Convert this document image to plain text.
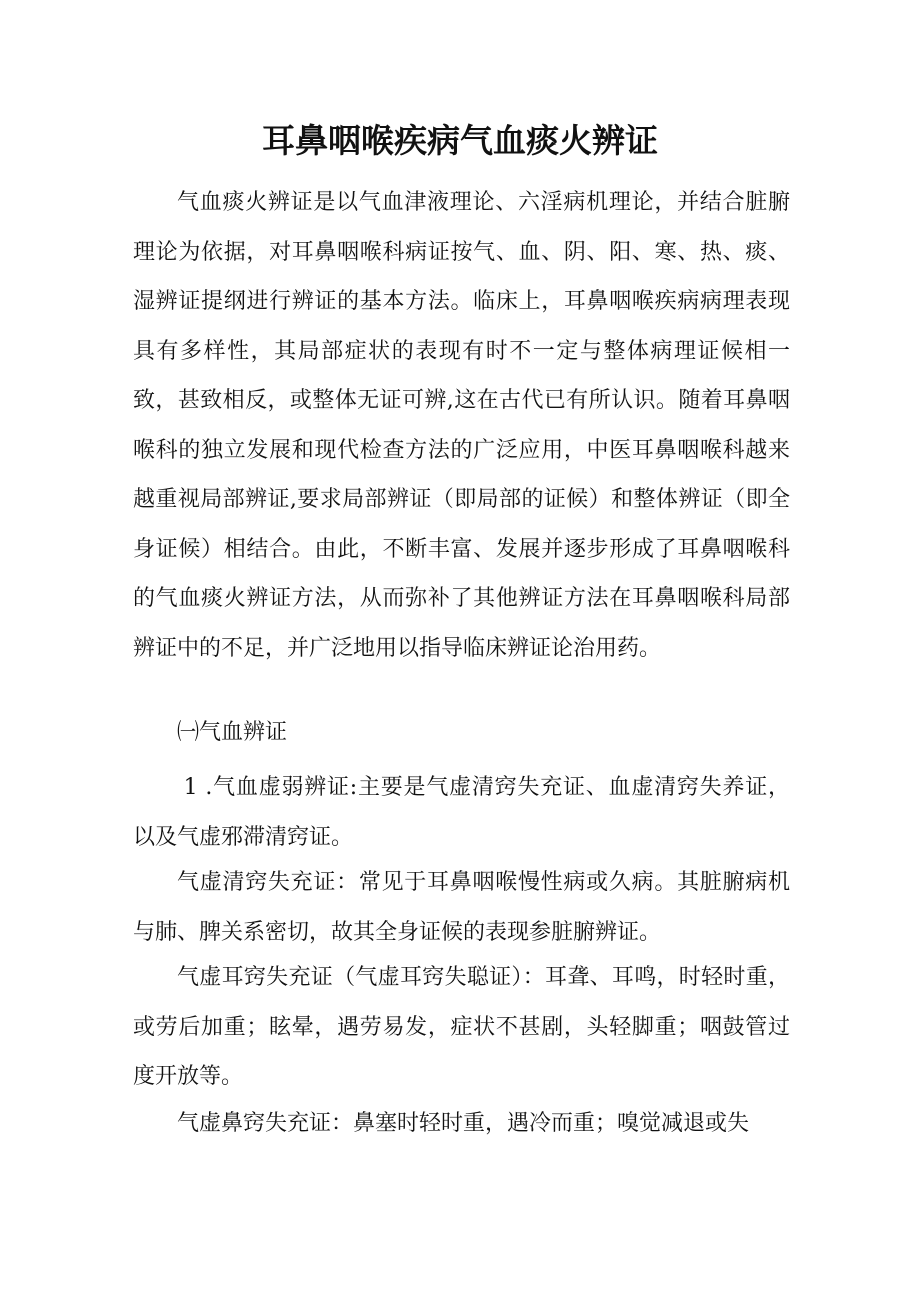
耳鼻咽喉疾病气血痰火辨证

气血痰火辨证是以气血津液理论、六淫病机理论，并结合脏腑理论为依据，对耳鼻咽喉科病证按气、血、阴、阳、寒、热、痰、湿辨证提纲进行辨证的基本方法。临床上，耳鼻咽喉疾病病理表现具有多样性，其局部症状的表现有时不一定与整体病理证候相一致，甚致相反，或整体无证可辨,这在古代已有所认识。随着耳鼻咽喉科的独立发展和现代检查方法的广泛应用，中医耳鼻咽喉科越来越重视局部辨证,要求局部辨证（即局部的证候）和整体辨证（即全身证候）相结合。由此，不断丰富、发展并逐步形成了耳鼻咽喉科的气血痰火辨证方法，从而弥补了其他辨证方法在耳鼻咽喉科局部辨证中的不足，并广泛地用以指导临床辨证论治用药。

㈠气血辨证

1 .气血虚弱辨证:主要是气虚清窍失充证、血虚清窍失养证，以及气虚邪滞清窍证。

气虚清窍失充证：常见于耳鼻咽喉慢性病或久病。其脏腑病机与肺、脾关系密切，故其全身证候的表现参脏腑辨证。

气虚耳窍失充证（气虚耳窍失聪证）：耳聋、耳鸣，时轻时重，或劳后加重；眩晕，遇劳易发，症状不甚剧，头轻脚重；咽鼓管过度开放等。

气虚鼻窍失充证：鼻塞时轻时重，遇冷而重；嗅觉减退或失
